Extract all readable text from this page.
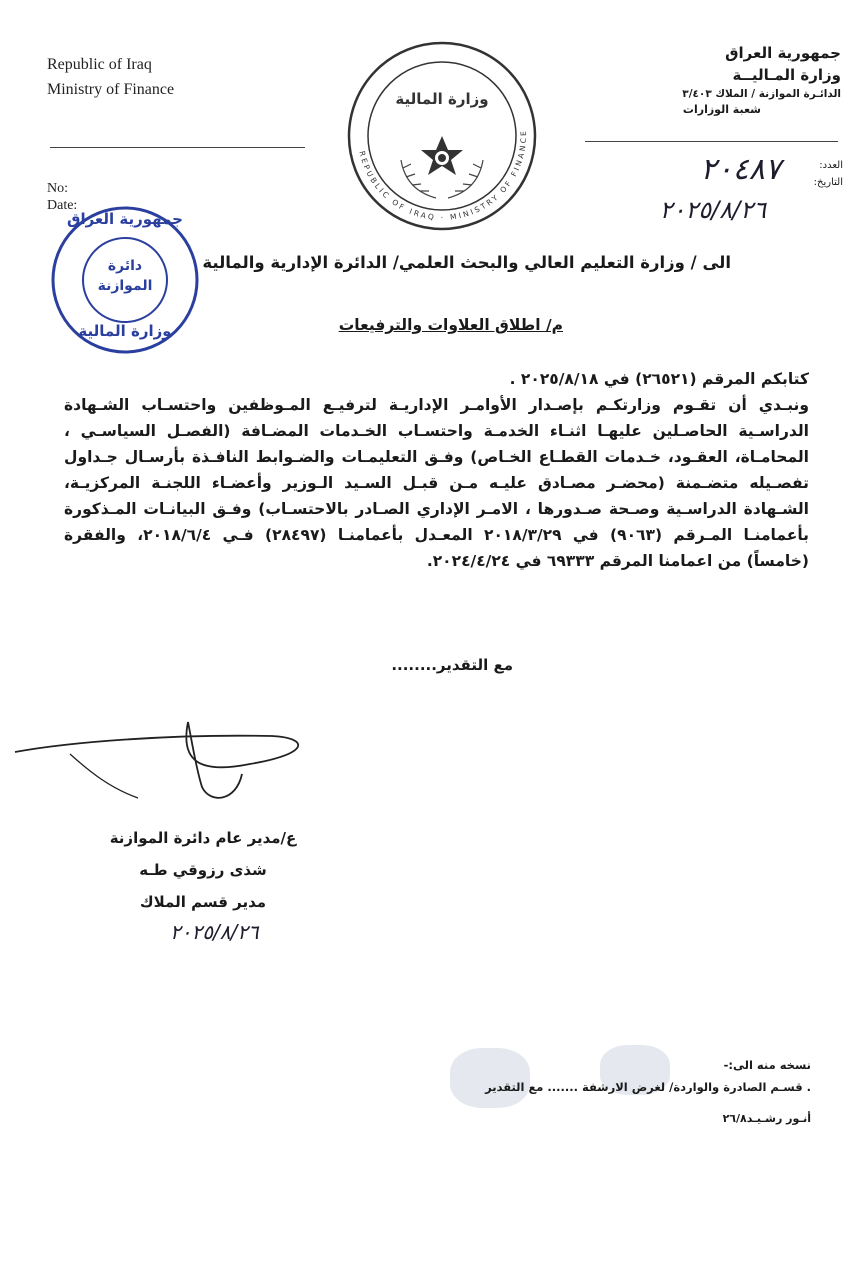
Republic of Iraq
Ministry of Finance
No:
Date:
جمهورية العراق
وزارة المـاليــة
الدائـرة الموازنة / الملاك ٣/٤٠٣
شعبة الوزارات
العدد:
التاريخ:
٢٠٤٨٧
٢٠٢٥/٨/٢٦
REPUBLIC OF IRAQ · MINISTRY OF FINANCE
وزارة المالية
جمهورية العراق
دائرة
الموازنة
وزارة المالية
الى / وزارة التعليم العالي والبحث العلمي/ الدائرة الإدارية والمالية
م/ اطلاق العلاوات والترفيعات

كتابكم المرقم (٢٦٥٢١) في ٢٠٢٥/٨/١٨ .

ونبـدي أن تقـوم وزارتكـم بإصـدار الأوامـر الإداريـة لترفيـع المـوظفين واحتسـاب الشـهادة الدراسـية الحاصـلين عليهـا اثنـاء الخدمـة واحتسـاب الخـدمات المضـافة (الفصـل السياسـي ، المحامـاة، العقـود، خـدمات القطـاع الخـاص) وفـق التعليمـات والضـوابط النافـذة بأرسـال جـداول تفصـيله متضـمنة (محضـر مصـادق عليـه مـن قبـل السـيد الـوزير وأعضـاء اللجنـة المركزيـة، الشـهادة الدراسـية وصـحة صـدورها ، الامـر الإداري الصـادر بالاحتسـاب) وفـق البيانـات المـذكورة بأعمامنـا المـرقم (٩٠٦٣) في ٢٠١٨/٣/٢٩ المعـدل بأعمامنـا (٢٨٤٩٧) فـي ٢٠١٨/٦/٤، والفقرة (خامساً) من اعمامنا المرقم ٦٩٣٣٣ في ٢٠٢٤/٤/٢٤.

مع التقدير........
ع/مدير عام دائرة الموازنة
شذى رزوقي طـه
مدير قسم الملاك
٢٠٢٥/٨/٢٦
نسخه منه الى:-
. قسـم الصادرة والواردة/ لغرض الارشفة ....... مع التقدير
أنـور رشـيـد٢٦/٨
